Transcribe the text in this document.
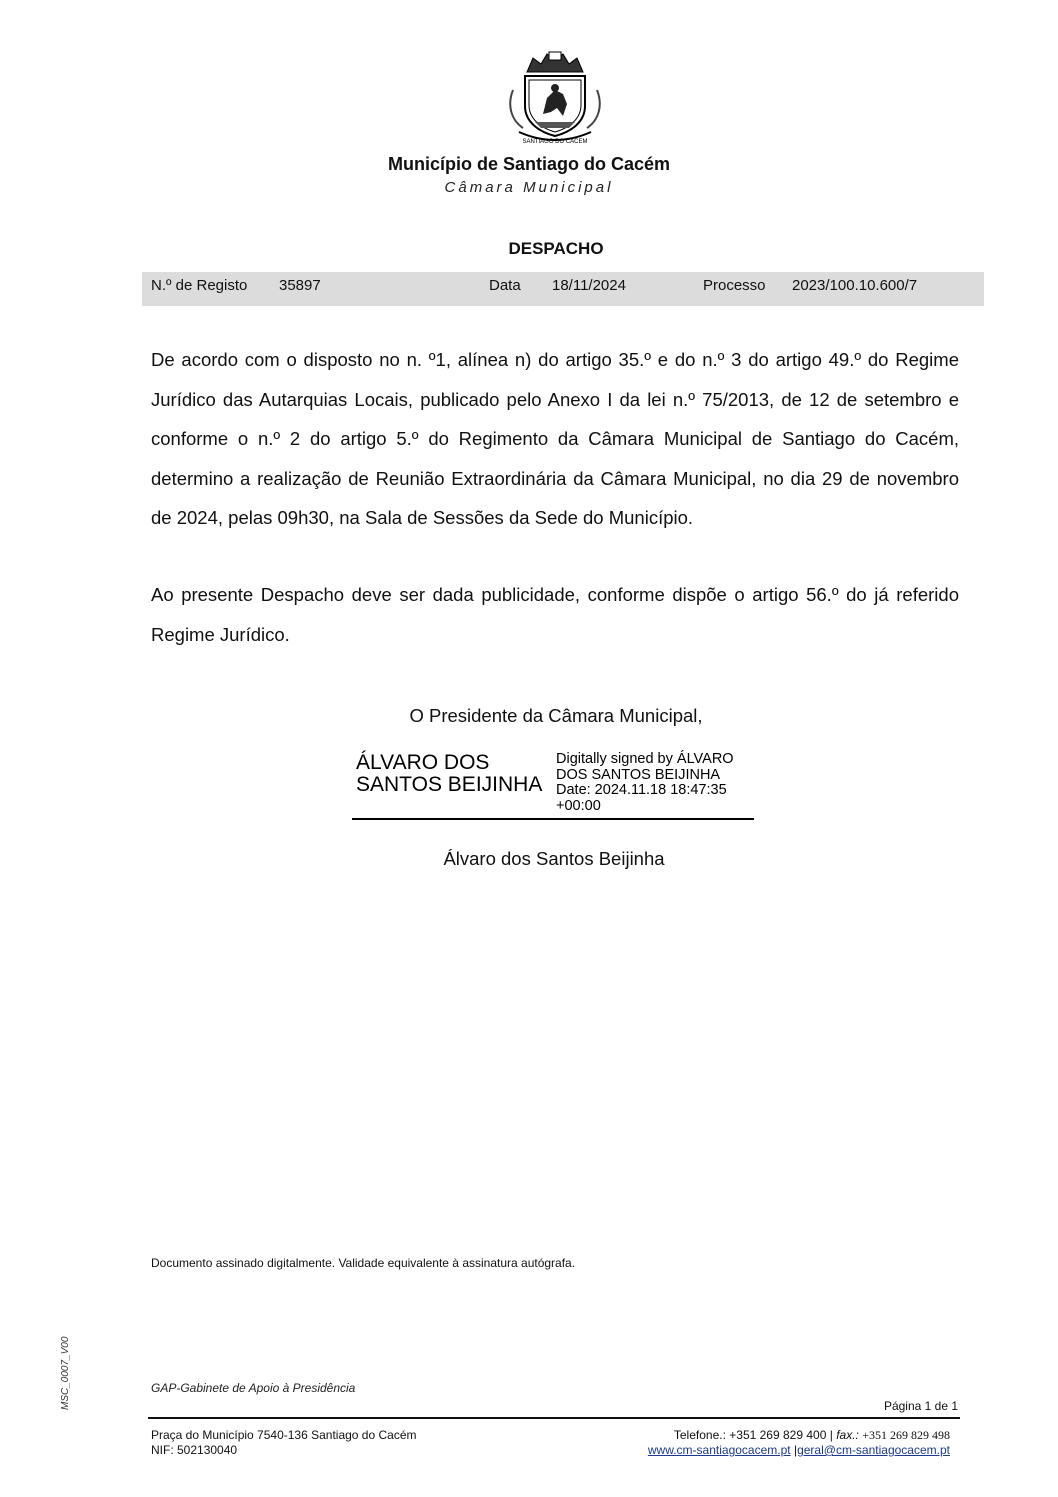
SANTIAGO DO CACEM
Município de Santiago do Cacém
Câmara Municipal
DESPACHO
N.º de Registo 35897	Data 18/11/2024	Processo 2023/100.10.600/7

De acordo com o disposto no n. º1, alínea n) do artigo 35.º e do n.º 3 do artigo 49.º do Regime Jurídico das Autarquias Locais, publicado pelo Anexo I da lei n.º 75/2013, de 12 de setembro e conforme o n.º 2 do artigo 5.º do Regimento da Câmara Municipal de Santiago do Cacém, determino a realização de Reunião Extraordinária da Câmara Municipal, no dia 29 de novembro de 2024, pelas 09h30, na Sala de Sessões da Sede do Município.

Ao presente Despacho deve ser dada publicidade, conforme dispõe o artigo 56.º do já referido Regime Jurídico.

O Presidente da Câmara Municipal,
ÁLVARO DOS
SANTOS BEIJINHA
Digitally signed by ÁLVARO
DOS SANTOS BEIJINHA
Date: 2024.11.18 18:47:35
+00:00
Álvaro dos Santos Beijinha
Documento assinado digitalmente. Validade equivalente à assinatura autógrafa.
MSC_0007_V00	GAP-Gabinete de Apoio à Presidência
Página 1 de 1
Praça do Município 7540-136 Santiago do Cacém
NIF: 502130040
Telefone.: +351 269 829 400 | fax.: +351 269 829 498
www.cm-santiagocacem.pt |geral@cm-santiagocacem.pt
